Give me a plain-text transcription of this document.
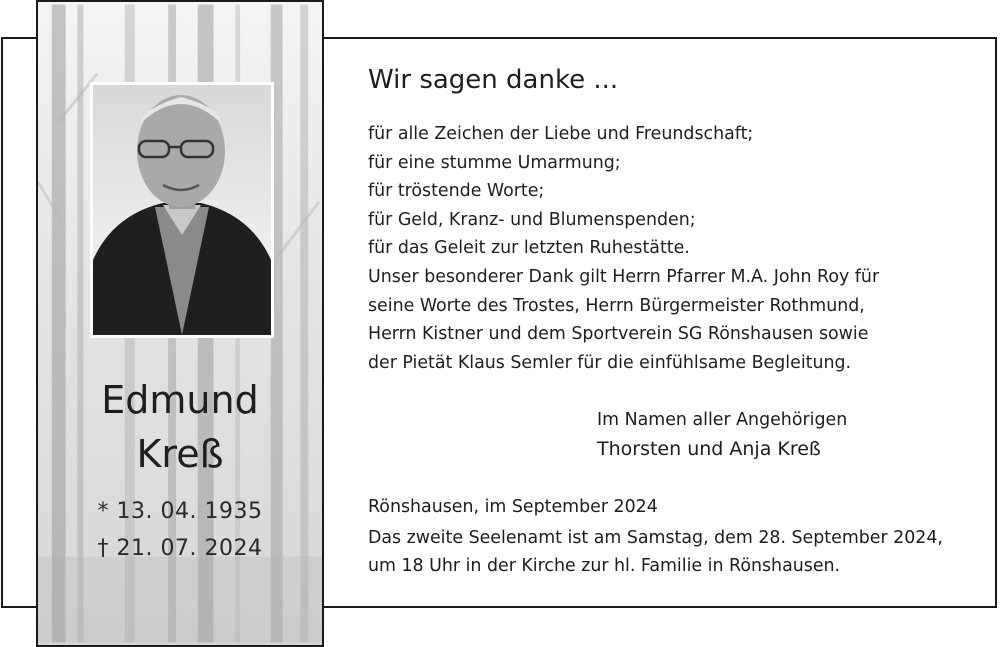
Edmund
Kreß
* 13. 04. 1935
† 21. 07. 2024
Wir sagen danke ...
für alle Zeichen der Liebe und Freundschaft;
für eine stumme Umarmung;
für tröstende Worte;
für Geld, Kranz- und Blumenspenden;
für das Geleit zur letzten Ruhestätte.
Unser besonderer Dank gilt Herrn Pfarrer M.A. John Roy für
seine Worte des Trostes, Herrn Bürgermeister Rothmund,
Herrn Kistner und dem Sportverein SG Rönshausen sowie
der Pietät Klaus Semler für die einfühlsame Begleitung.
Im Namen aller Angehörigen
Thorsten und Anja Kreß
Rönshausen, im September 2024
Das zweite Seelenamt ist am Samstag, dem 28. September 2024,
um 18 Uhr in der Kirche zur hl. Familie in Rönshausen.
